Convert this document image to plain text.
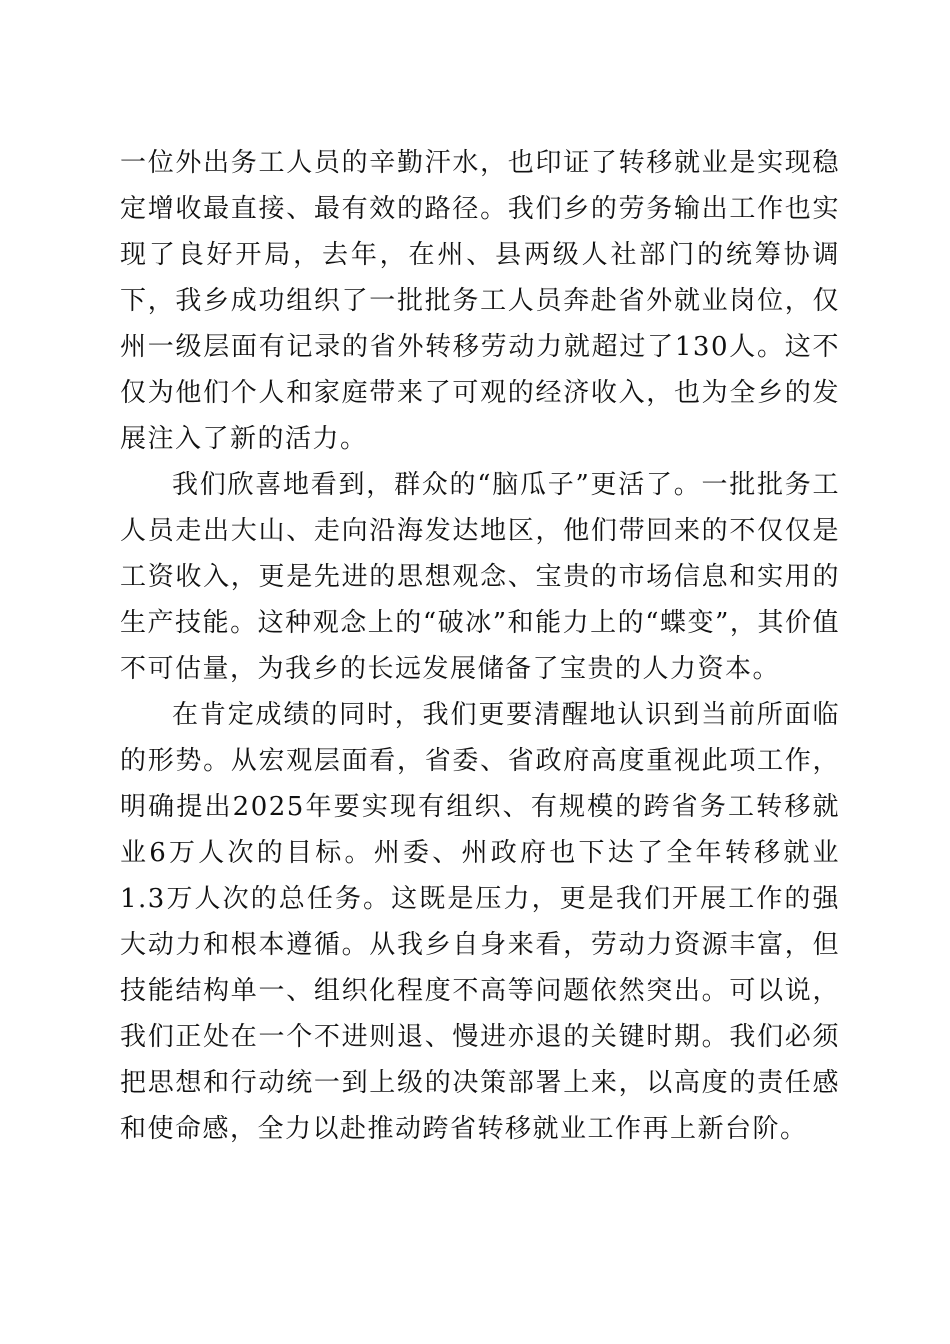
一位外出务工人员的辛勤汗水，也印证了转移就业是实现稳定增收最直接、最有效的路径。我们乡的劳务输出工作也实现了良好开局，去年，在州、县两级人社部门的统筹协调下，我乡成功组织了一批批务工人员奔赴省外就业岗位，仅州一级层面有记录的省外转移劳动力就超过了130人。这不仅为他们个人和家庭带来了可观的经济收入，也为全乡的发展注入了新的活力。

我们欣喜地看到，群众的“脑瓜子”更活了。一批批务工人员走出大山、走向沿海发达地区，他们带回来的不仅仅是工资收入，更是先进的思想观念、宝贵的市场信息和实用的生产技能。这种观念上的“破冰”和能力上的“蝶变”，其价值不可估量，为我乡的长远发展储备了宝贵的人力资本。

在肯定成绩的同时，我们更要清醒地认识到当前所面临的形势。从宏观层面看，省委、省政府高度重视此项工作，明确提出2025年要实现有组织、有规模的跨省务工转移就业6万人次的目标。州委、州政府也下达了全年转移就业1.3万人次的总任务。这既是压力，更是我们开展工作的强大动力和根本遵循。从我乡自身来看，劳动力资源丰富，但技能结构单一、组织化程度不高等问题依然突出。可以说，我们正处在一个不进则退、慢进亦退的关键时期。我们必须把思想和行动统一到上级的决策部署上来，以高度的责任感和使命感，全力以赴推动跨省转移就业工作再上新台阶。
